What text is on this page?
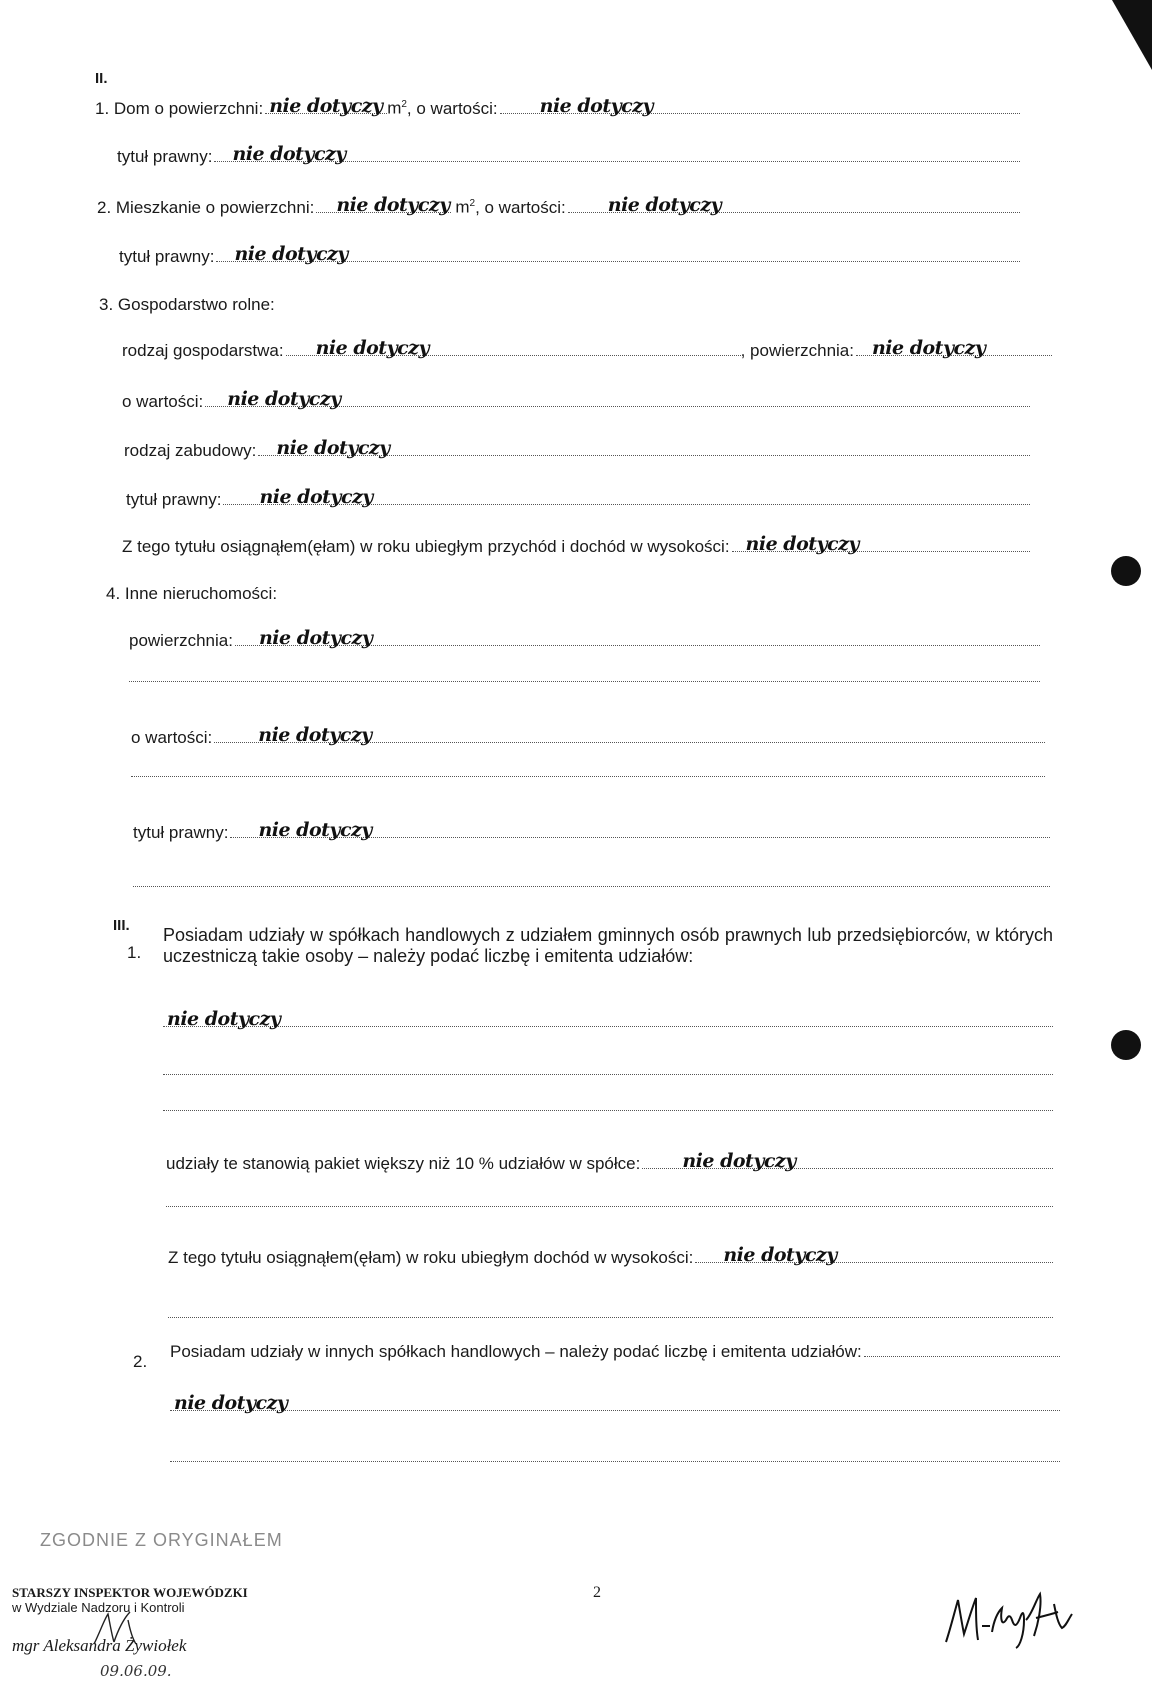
II.
1. Dom o powierzchni: nie dotyczy $m^2$ , o wartości: nie dotyczy
tytuł prawny: nie dotyczy
2. Mieszkanie o powierzchni: nie dotyczy $m^2$ , o wartości: nie dotyczy
tytuł prawny: nie dotyczy
3. Gospodarstwo rolne:
rodzaj gospodarstwa: nie dotyczy	, powierzchnia: nie dotyczy
o wartości: nie dotyczy
rodzaj zabudowy: nie dotyczy
tytuł prawny: nie dotyczy
Z tego tytułu osiągnąłem(ęłam) w roku ubiegłym przychód i dochód w wysokości: nie dotyczy
4. Inne nieruchomości:
powierzchnia: nie dotyczy
o wartości: nie dotyczy
tytuł prawny: nie dotyczy
III.
1.
Posiadam udziały w spółkach handlowych z udziałem gminnych osób prawnych lub przedsiębiorców, w których uczestniczą takie osoby – należy podać liczbę i emitenta udziałów:
nie dotyczy
udziały te stanowią pakiet większy niż 10 % udziałów w spółce: nie dotyczy
Z tego tytułu osiągnąłem(ęłam) w roku ubiegłym dochód w wysokości: nie dotyczy
2.
Posiadam udziały w innych spółkach handlowych – należy podać liczbę i emitenta udziałów:
nie dotyczy
ZGODNIE Z ORYGINAŁEM
STARSZY INSPEKTOR WOJEWÓDZKI
w Wydziale Nadzoru i Kontroli
mgr Aleksandra Żywiołek
09.06.09.
2
